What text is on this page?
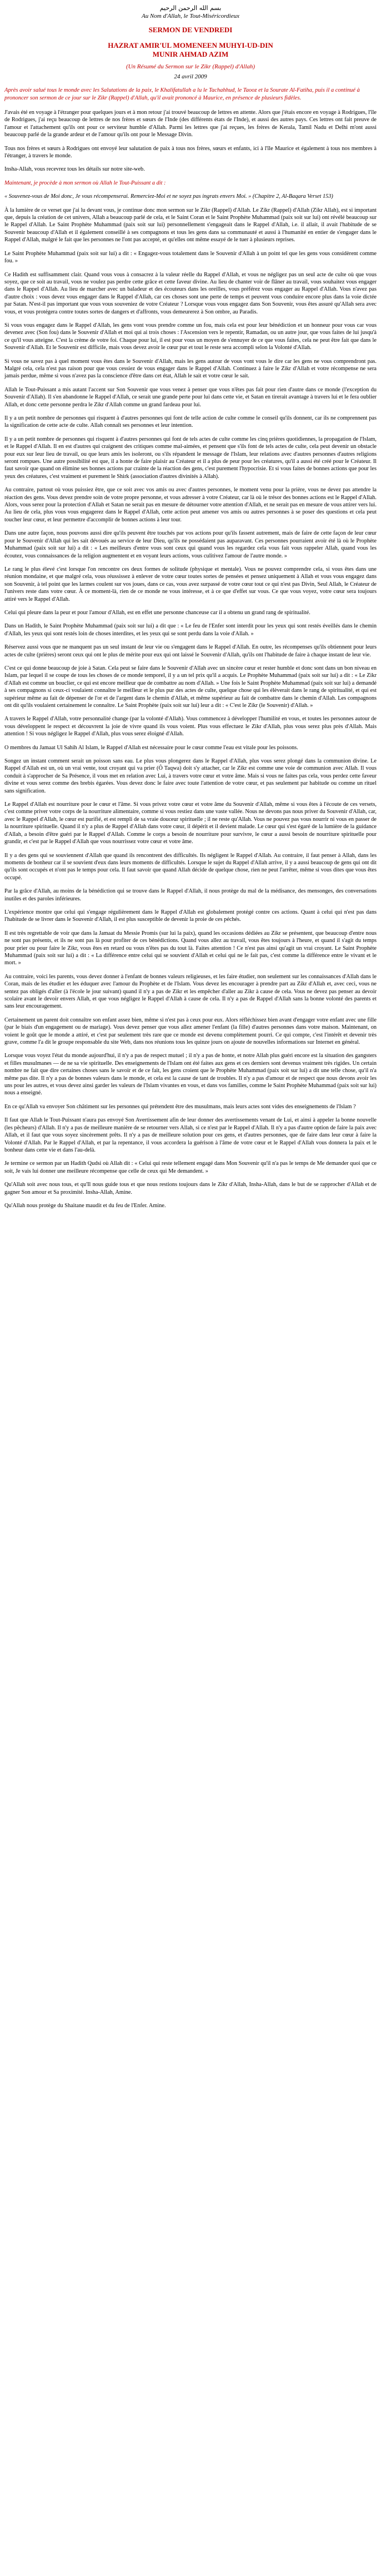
بسم الله الرحمن الرحيم
Au Nom d'Allah, le Tout-Miséricordieux
SERMON DE VENDREDI
HAZRAT AMIR'UL MOMENEEN MUHYI-UD-DIN
MUNIR AHMAD AZIM
(Un Résumé du Sermon sur le Zikr (Rappel) d'Allah)
24 avril 2009
Après avoir salué tous le monde avec les Salutations de la paix, le Khalifatullah a lu le Tachahhud, le Taooz et la Sourate Al-Fatiha, puis il a continué à prononcer son sermon de ce jour sur le Zikr (Rappel) d'Allah, qu'il avait prononcé à Maurice, en présence de plusieurs fidèles.

J'avais été en voyage à l'étranger pour quelques jours et à mon retour j'ai trouvé beaucoup de lettres en attente. Alors que j'étais encore en voyage à Rodrigues, l'île de Rodrigues, j'ai reçu beaucoup de lettres de nos frères et sœurs de l'Inde (des différents états de l'Inde), et aussi des autres pays. Ces lettres ont fait preuve de l'amour et l'attachement qu'ils ont pour ce serviteur humble d'Allah. Parmi les lettres que j'ai reçues, les frères de Kerala, Tamil Nadu et Delhi m'ont aussi beaucoup parlé de la grande ardeur et de l'amour qu'ils ont pour le Message Divin.

Tous nos frères et sœurs à Rodrigues ont envoyé leur salutation de paix à tous nos frères, sœurs et enfants, ici à l'île Maurice et également à tous nos membres à l'étranger, à travers le monde.

Insha-Allah, vous recevrez tous les détails sur notre site-web.

Maintenant, je procède à mon sermon où Allah le Tout-Puissant a dit :

« Souvenez-vous de Moi donc, Je vous récompenserai. Remerciez-Moi et ne soyez pas ingrats envers Moi. » (Chapitre 2, Al-Baqara Verset 153)

À la lumière de ce verset que j'ai lu devant vous, je continue donc mon sermon sur le Zikr (Rappel) d'Allah. Le Zikr (Rappel) d'Allah (Zikr Allah), est si important que, depuis la création de cet univers, Allah a beaucoup parlé de cela, et le Saint Coran et le Saint Prophète Muhammad (paix soit sur lui) ont révélé beaucoup sur le Rappel d'Allah. Le Saint Prophète Muhammad (paix soit sur lui) personnellement s'engageait dans le Rappel d'Allah, i.e. il allait, il avait l'habitude de se Souvenir beaucoup d'Allah et il également conseillé à ses compagnons et tous les gens dans sa communauté et aussi à l'humanité en entier de s'engager dans le Rappel d'Allah, malgré le fait que les personnes ne l'ont pas accepté, et qu'elles ont même essayé de le tuer à plusieurs reprises.

Le Saint Prophète Muhammad (paix soit sur lui) a dit : « Engagez-vous totalement dans le Souvenir d'Allah à un point tel que les gens vous considèrent comme fou. »

Ce Hadith est suffisamment clair. Quand vous vous à consacrez à la valeur réelle du Rappel d'Allah, et vous ne négligez pas un seul acte de culte où que vous soyez, que ce soit au travail, vous ne voulez pas perdre cette grâce et cette faveur divine. Au lieu de chanter voir de flâner au travail, vous souhaitez vous engager dans le Rappel d'Allah. Au lieu de marcher avec un baladeur et des écouteurs dans les oreilles, vous préférez vous engager au Rappel d'Allah. Vous n'avez pas d'autre choix : vous devez vous engager dans le Rappel d'Allah, car ces choses sont une perte de temps et peuvent vous conduire encore plus dans la voie dictée par Satan. N'est-il pas important que vous vous souveniez de votre Créateur ? Lorsque vous vous engagez dans Son Souvenir, vous êtes assuré qu'Allah sera avec vous, et vous protégera contre toutes sortes de dangers et d'affronts, vous demeurerez à Son ombre, au Paradis.

Si vous vous engagez dans le Rappel d'Allah, les gens vont vous prendre comme un fou, mais cela est pour leur bénédiction et un honneur pour vous car vous devenez avec (Son fou) dans le Souvenir d'Allah et moi qui ai trois choses : l'Ascension vers le repentir, Ramadan, ou un autre jour, que vous faites de lui jusqu'à ce qu'il vous atteigne. C'est la crème de votre foi. Chaque pour lui, il est pour vous un moyen de s'ennuyer de ce que vous faites, cela ne peut être fait que dans le Souvenir d'Allah. Et le Souvenir est difficile, mais vous devez avoir le cœur pur et tout le reste sera accompli selon la Volonté d'Allah.

Si vous ne savez pas à quel moment vous êtes dans le Souvenir d'Allah, mais les gens autour de vous vont vous le dire car les gens ne vous comprendront pas. Malgré cela, cela n'est pas raison pour que vous cessiez de vous engager dans le Rappel d'Allah. Continuez à faire le Zikr d'Allah et votre récompense ne sera jamais perdue, même si vous n'avez pas la conscience d'être dans cet état, Allah le sait et votre cœur le sait.

Allah le Tout-Puissant a mis autant l'accent sur Son Souvenir que vous venez à penser que vous n'êtes pas fait pour rien d'autre dans ce monde (l'exception du Souvenir d'Allah). Il s'en abandonne le Rappel d'Allah, ce serait une grande perte pour lui dans cette vie, et Satan en tirerait avantage à travers lui et le fera oublier Allah, et donc cette personne perdra le Zikr d'Allah comme un grand fardeau pour lui.

Il y a un petit nombre de personnes qui risquent à d'autres personnes qui font de telle action de culte comme le conseil qu'ils donnent, car ils ne comprennent pas la signification de cette acte de culte. Allah connaît ses personnes et leur intention.

Il y a un petit nombre de personnes qui risquent à d'autres personnes qui font de tels actes de culte comme les cinq prières quotidiennes, la propagation de l'Islam, et le Rappel d'Allah. Il en est d'autres qui craignent des critiques comme mal-aimées, et pensent que s'ils font de tels actes de culte, cela peut devenir un obstacle pour eux sur leur lieu de travail, ou que leurs amis les isoleront, ou s'ils répandent le message de l'Islam, leur relations avec d'autres personnes d'autres religions seront rompues. Une autre possibilité est que, il a honte de faire plaisir au Créateur et il a plus de peur pour les créatures, qu'il a aussi été créé pour le Créateur. Il faut savoir que quand on élimine ses bonnes actions par crainte de la réaction des gens, c'est purement l'hypocrisie. Et si vous faites de bonnes actions que pour les yeux des créatures, c'est vraiment et purement le Shirk (association d'autres divinités à Allah).

Au contraire, partout où vous puissiez être, que ce soit avec vos amis ou avec d'autres personnes, le moment venu pour la prière, vous ne devez pas attendre la réaction des gens. Vous devez prendre soin de votre propre personne, et vous adresser à votre Créateur, car là où le trésor des bonnes actions est le Rappel d'Allah. Alors, vous serez pour la protection d'Allah et Satan ne serait pas en mesure de détourner votre attention d'Allah, et ne serait pas en mesure de vous attirer vers lui. Au lieu de cela, plus vous vous engagerez dans le Rappel d'Allah, cette action peut amener vos amis ou autres personnes à se poser des questions et cela peut toucher leur cœur, et leur permettre d'accomplir de bonnes actions à leur tour.

Dans une autre façon, nous pouvons aussi dire qu'ils peuvent être touchés par vos actions pour qu'ils fassent autrement, mais de faire de cette façon de leur cœur pour le Souvenir d'Allah qui les sait dévoués au service de leur Dieu, qu'ils ne possédaient pas auparavant. Ces personnes pourraient avoir été là où le Prophète Muhammad (paix soit sur lui) a dit : « Les meilleurs d'entre vous sont ceux qui quand vous les regardez cela vous fait vous rappeler Allah, quand vous les écoutez, vous connaissances de la religion augmentent et en voyant leurs actions, vous culitivez l'amour de l'autre monde. »

Le rang le plus élevé c'est lorsque l'on rencontre ces deux formes de solitude (physique et mentale). Vous ne pouvez comprendre cela, si vous êtes dans une réunion mondaine, et que malgré cela, vous réussissez à enlever de votre cœur toutes sortes de pensées et pensez uniquement à Allah et vous vous engagez dans son Souvenir, à tel point que les larmes coulent sur vos joues, dans ce cas, vous avez surpassé de votre cœur tout ce qui n'est pas Divin, Seul Allah, le Créateur de l'univers reste dans votre cœur. À ce moment-là, rien de ce monde ne vous intéresse, et à ce que d'effet sur vous. Ce que vous voyez, votre cœur sera toujours attiré vers le Rappel d'Allah.

Celui qui pleure dans la peur et pour l'amour d'Allah, est en effet une personne chanceuse car il a obtenu un grand rang de spiritualité.

Dans un Hadith, le Saint Prophète Muhammad (paix soit sur lui) a dit que : « Le feu de l'Enfer sont interdit pour les yeux qui sont restés éveillés dans le chemin d'Allah, les yeux qui sont restés loin de choses interdites, et les yeux qui se sont perdu dans la voie d'Allah. »

Réservez aussi vous que ne manquent pas un seul instant de leur vie ou s'engagent dans le Rappel d'Allah. En outre, les récompenses qu'ils obtiennent pour leurs actes de culte (prières) seront ceux qui ont le plus de mérite pour eux qui ont laissé le Souvenir d'Allah, qu'ils ont l'habitude de faire à chaque instant de leur vie.

C'est ce qui donne beaucoup de joie à Satan. Cela peut se faire dans le Souvenir d'Allah avec un sincère cœur et rester humble et donc sont dans un bon niveau en Islam, par lequel il se coupe de tous les choses de ce monde temporel, il y a un tel prix qu'il a acquis. Le Prophète Muhammad (paix soit sur lui) a dit : « Le Zikr d'Allah est comme un bouclier, ce qui est encore meilleur que de combattre au nom d'Allah. » Une fois le Saint Prophète Muhammad (paix soit sur lui) a demandé à ses compagnons si ceux-ci voulaient connaître le meilleur et le plus pur des actes de culte, quelque chose qui les élèverait dans le rang de spiritualité, et qui est supérieur même au fait de dépenser de l'or et de l'argent dans le chemin d'Allah, et même supérieur au fait de combattre dans le chemin d'Allah. Les compagnons ont dit qu'ils voulaient certainement le connaître. Le Saint Prophète (paix soit sur lui) leur a dit : « C'est le Zikr (le Souvenir) d'Allah. »

A travers le Rappel d'Allah, votre personnalité change (par la volonté d'Allah). Vous commencez à développer l'humilité en vous, et toutes les personnes autour de vous développent le respect et découvrent la joie de vivre quand ils vous voient. Plus vous effectuez le Zikr d'Allah, plus vous serez plus près d'Allah. Mais attention ! Si vous négligez le Rappel d'Allah, plus vous serez éloigné d'Allah.

O membres du Jamaat Ul Sahih Al Islam, le Rappel d'Allah est nécessaire pour le cœur comme l'eau est vitale pour les poissons.

Songez un instant comment serait un poisson sans eau. Le plus vous plongerez dans le Rappel d'Allah, plus vous serez plongé dans la communion divine. Le Rappel d'Allah est un, où un vrai vente, tout croyant qui va prier (Ô Taqwa) doit s'y attacher, car le Zikr est comme une voie de communion avec Allah. Il vous conduit à s'approcher de Sa Présence, il vous met en relation avec Lui, à travers votre cœur et votre âme. Mais si vous ne faites pas cela, vous perdez cette faveur divine et vous serez comme des brebis égarées. Vous devez donc le faire avec toute l'attention de votre cœur, et pas seulement par habitude ou comme un rituel sans signification.

Le Rappel d'Allah est nourriture pour le cœur et l'âme. Si vous privez votre cœur et votre âme du Souvenir d'Allah, même si vous êtes à l'écoute de ces versets, c'est comme priver votre corps de la nourriture alimentaire, comme si vous restiez dans une vaste vallée. Nous ne devons pas nous priver du Souvenir d'Allah, car, avec le Rappel d'Allah, le cœur est purifié, et est rempli de sa vraie douceur spirituelle ; il ne reste qu'Allah. Vous ne pouvez pas vous nourrir ni vous en passer de la nourriture spirituelle. Quand il n'y a plus de Rappel d'Allah dans votre cœur, il dépérit et il devient malade. Le cœur qui s'est égaré de la lumière de la guidance d'Allah, a besoin d'être guéri par le Rappel d'Allah. Comme le corps a besoin de nourriture pour survivre, le cœur a aussi besoin de nourriture spirituelle pour grandir, et c'est par le Rappel d'Allah que vous nourrissez votre cœur et votre âme.

Il y a des gens qui se souviennent d'Allah que quand ils rencontrent des difficultés. Ils négligent le Rappel d'Allah. Au contraire, il faut penser à Allah, dans les moments de bonheur car il se souvient d'eux dans leurs moments de difficultés. Lorsque le sujet du Rappel d'Allah arrive, il y a aussi beaucoup de gens qui ont dit qu'ils sont occupés et n'ont pas le temps pour cela. Il faut savoir que quand Allah décide de quelque chose, rien ne peut l'arrêter, même si vous dites que vous êtes occupé.

Par la grâce d'Allah, au moins de la bénédiction qui se trouve dans le Rappel d'Allah, il nous protège du mal de la médisance, des mensonges, des conversations inutiles et des paroles inférieures.

L'expérience montre que celui qui s'engage régulièrement dans le Rappel d'Allah est globalement protégé contre ces actions. Quant à celui qui n'est pas dans l'habitude de se livrer dans le Souvenir d'Allah, il est plus susceptible de devenir la proie de ces péchés.

Il est très regrettable de voir que dans la Jamaat du Messie Promis (sur lui la paix), quand les occasions dédiées au Zikr se présentent, que beaucoup d'entre nous ne sont pas présents, et ils ne sont pas là pour profiter de ces bénédictions. Quand vous allez au travail, vous êtes toujours à l'heure, et quand il s'agit du temps pour prier ou pour faire le Zikr, vous êtes en retard ou vous n'êtes pas du tout là. Faites attention ! Ce n'est pas ainsi qu'agit un vrai croyant. Le Saint Prophète Muhammad (paix soit sur lui) a dit : « La différence entre celui qui se souvient d'Allah et celui qui ne le fait pas, c'est comme la différence entre le vivant et le mort. »

Au contraire, voici les parents, vous devez donner à l'enfant de bonnes valeurs religieuses, et les faire étudier, non seulement sur les connaissances d'Allah dans le Coran, mais de les étudier et les éduquer avec l'amour du Prophète et de l'Islam. Vous devez les encourager à prendre part au Zikr d'Allah et, avec ceci, vous ne sentez pas obligés d'aller (à l'école le jour suivant) quand il n'y a pas de Zikr et les empêcher d'aller au Zikr à cause de cela. Vous ne devez pas penser au devoir scolaire avant le devoir envers Allah, et que vous négligez le Rappel d'Allah à cause de cela. Il n'y a pas de Rappel d'Allah sans la bonne volonté des parents et sans leur encouragement.

Certainement un parent doit connaître son enfant assez bien, même si n'est pas à ceux pour eux. Alors réfléchissez bien avant d'engager votre enfant avec une fille (par le biais d'un engagement ou de mariage). Vous devez penser que vous allez amener l'enfant (la fille) d'autres personnes dans votre maison. Maintenant, on voient le goût que le monde a attiré, et c'est par seulement très rare que ce monde est devenu complètement pourri. Ce qui compte, c'est l'intérêt et devenir très grave, comme l'a dit le groupe responsable du site Web, dans nos réunions tous les quinze jours on ajoute de nouvelles informations sur Internet en général.

Lorsque vous voyez l'état du monde aujourd'hui, il n'y a pas de respect mutuel ; il n'y a pas de honte, et notre Allah plus guéri encore est la situation des gangsters et filles musulmanes — de ne sa vie spirituelle. Des enseignements de l'Islam ont été faites aux gens et ces derniers sont devenus vraiment très rigides. Un certain nombre ne fait que dire certaines choses sans le savoir et de ce fait, les gens croient que le Prophète Muhammad (paix soit sur lui) a dit une telle chose, qu'il n'a même pas dite. Il n'y a pas de bonnes valeurs dans le monde, et cela est la cause de tant de troubles. Il n'y a pas d'amour et de respect que nous devons avoir les uns pour les autres, et vous devez ainsi garder les valeurs de l'Islam vivantes en vous, et dans vos familles, comme le Saint Prophète Muhammad (paix soit sur lui) nous a enseigné.

En ce qu'Allah va envoyer Son châtiment sur les personnes qui prétendent être des musulmans, mais leurs actes sont vides des enseignements de l'Islam ?

Il faut que Allah le Tout-Puissant n'aura pas envoyé Son Avertissement afin de leur donner des avertissements venant de Lui, et ainsi à appeler la bonne nouvelle (les pêcheurs) d'Allah. Il n'y a pas de meilleure manière de se retourner vers Allah, si ce n'est par le Rappel d'Allah. Il n'y a pas d'autre option de faire la paix avec Allah, et il faut que vous soyez sincèrement prêts. Il n'y a pas de meilleure solution pour ces gens, et d'autres personnes, que de faire dans leur cœur à faire la Volonté d'Allah. Par le Rappel d'Allah, et par la repentance, il vous accordera la guérison à l'âme de votre cœur et le Rappel d'Allah vous donnera la paix et le bonheur dans cette vie et dans l'au-delà.

Je termine ce sermon par un Hadith Qudsi où Allah dit : « Celui qui reste tellement engagé dans Mon Souvenir qu'il n'a pas le temps de Me demander quoi que ce soit, Je vais lui donner une meilleure récompense que celle de ceux qui Me demandent. »

Qu'Allah soit avec nous tous, et qu'Il nous guide tous et que nous restions toujours dans le Zikr d'Allah, Insha-Allah, dans le but de se rapprocher d'Allah et de gagner Son amour et Sa proximité. Insha-Allah, Amine.

Qu'Allah nous protège du Shaitane maudit et du feu de l'Enfer. Amine.
